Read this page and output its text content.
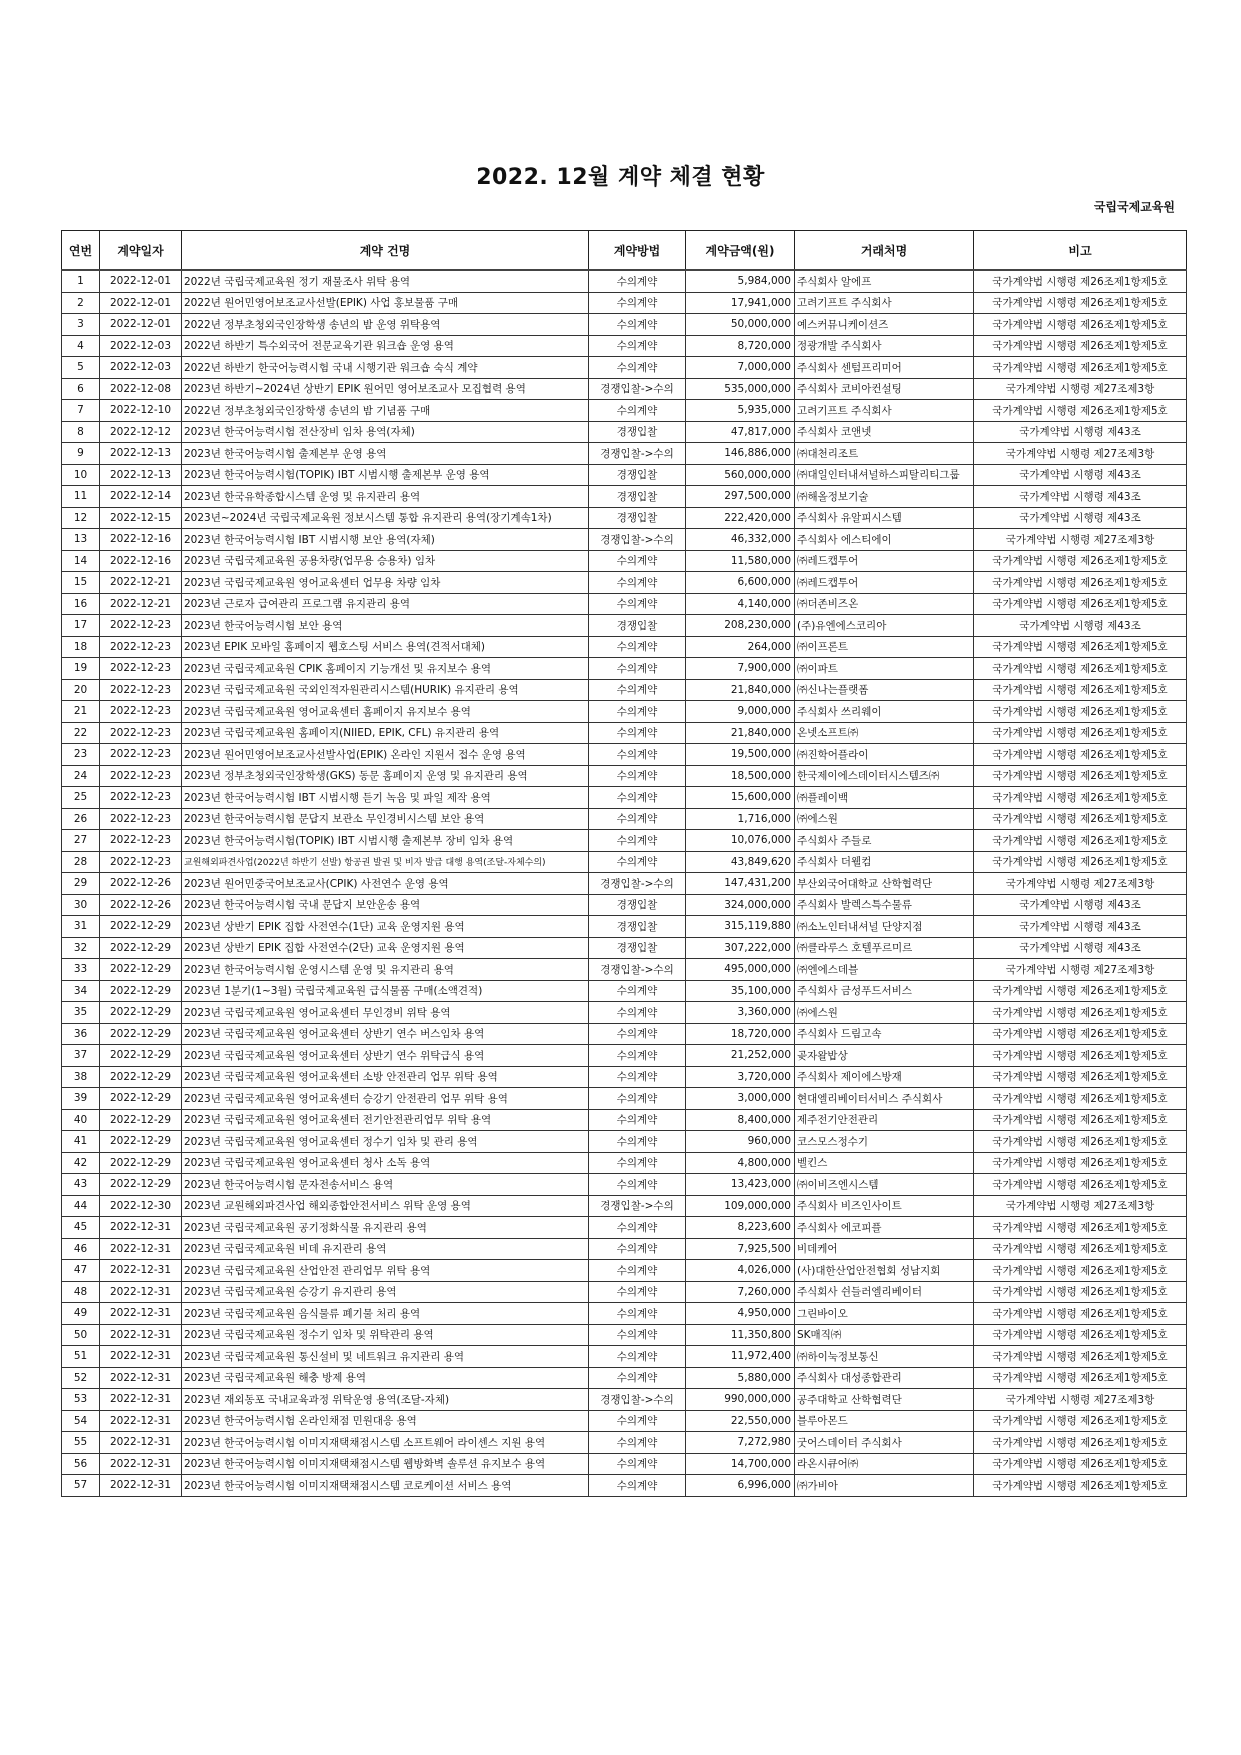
2022. 12월 계약 체결 현황
국립국제교육원
연번	계약일자	계약 건명	계약방법	계약금액(원)	거래처명	비고
1	2022-12-01	2022년 국립국제교육원 정기 재물조사 위탁 용역	수의계약	5,984,000	주식회사 알에프	국가계약법 시행령 제26조제1항제5호
2	2022-12-01	2022년 원어민영어보조교사선발(EPIK) 사업 홍보물품 구매	수의계약	17,941,000	고려기프트 주식회사	국가계약법 시행령 제26조제1항제5호
3	2022-12-01	2022년 정부초청외국인장학생 송년의 밤 운영 위탁용역	수의계약	50,000,000	예스커뮤니케이션즈	국가계약법 시행령 제26조제1항제5호
4	2022-12-03	2022년 하반기 특수외국어 전문교육기관 워크숍 운영 용역	수의계약	8,720,000	정광개발 주식회사	국가계약법 시행령 제26조제1항제5호
5	2022-12-03	2022년 하반기 한국어능력시험 국내 시행기관 워크숍 숙식 계약	수의계약	7,000,000	주식회사 센텀프리미어	국가계약법 시행령 제26조제1항제5호
6	2022-12-08	2023년 하반기~2024년 상반기 EPIK 원어민 영어보조교사 모집협력 용역	경쟁입찰->수의	535,000,000	주식회사 코비아컨설팅	국가계약법 시행령 제27조제3항
7	2022-12-10	2022년 정부초청외국인장학생 송년의 밤 기념품 구매	수의계약	5,935,000	고려기프트 주식회사	국가계약법 시행령 제26조제1항제5호
8	2022-12-12	2023년 한국어능력시험 전산장비 임차 용역(자체)	경쟁입찰	47,817,000	주식회사 코앤넷	국가계약법 시행령 제43조
9	2022-12-13	2023년 한국어능력시험 출제본부 운영 용역	경쟁입찰->수의	146,886,000	㈜대천리조트	국가계약법 시행령 제27조제3항
10	2022-12-13	2023년 한국어능력시험(TOPIK) IBT 시범시행 출제본부 운영 용역	경쟁입찰	560,000,000	㈜대일인터내셔널하스피탈리티그룹	국가계약법 시행령 제43조
11	2022-12-14	2023년 한국유학종합시스템 운영 및 유지관리 용역	경쟁입찰	297,500,000	㈜해올정보기술	국가계약법 시행령 제43조
12	2022-12-15	2023년~2024년 국립국제교육원 정보시스템 통합 유지관리 용역(장기계속1차)	경쟁입찰	222,420,000	주식회사 유알피시스템	국가계약법 시행령 제43조
13	2022-12-16	2023년 한국어능력시험 IBT 시범시행 보안 용역(자체)	경쟁입찰->수의	46,332,000	주식회사 에스티에이	국가계약법 시행령 제27조제3항
14	2022-12-16	2023년 국립국제교육원 공용차량(업무용 승용차) 임차	수의계약	11,580,000	㈜레드캡투어	국가계약법 시행령 제26조제1항제5호
15	2022-12-21	2023년 국립국제교육원 영어교육센터 업무용 차량 임차	수의계약	6,600,000	㈜레드캡투어	국가계약법 시행령 제26조제1항제5호
16	2022-12-21	2023년 근로자 급여관리 프로그램 유지관리 용역	수의계약	4,140,000	㈜더존비즈온	국가계약법 시행령 제26조제1항제5호
17	2022-12-23	2023년 한국어능력시험 보안 용역	경쟁입찰	208,230,000	(주)유엔에스코리아	국가계약법 시행령 제43조
18	2022-12-23	2023년 EPIK 모바일 홈페이지 웹호스팅 서비스 용역(견적서대체)	수의계약	264,000	㈜이프론트	국가계약법 시행령 제26조제1항제5호
19	2022-12-23	2023년 국립국제교육원 CPIK 홈페이지 기능개선 및 유지보수 용역	수의계약	7,900,000	㈜이파트	국가계약법 시행령 제26조제1항제5호
20	2022-12-23	2023년 국립국제교육원 국외인적자원관리시스템(HURIK) 유지관리 용역	수의계약	21,840,000	㈜신나는플랫폼	국가계약법 시행령 제26조제1항제5호
21	2022-12-23	2023년 국립국제교육원 영어교육센터 홈페이지 유지보수 용역	수의계약	9,000,000	주식회사 쓰리웨이	국가계약법 시행령 제26조제1항제5호
22	2022-12-23	2023년 국립국제교육원 홈페이지(NIIED, EPIK, CFL) 유지관리 용역	수의계약	21,840,000	온넷소프트㈜	국가계약법 시행령 제26조제1항제5호
23	2022-12-23	2023년 원어민영어보조교사선발사업(EPIK) 온라인 지원서 접수 운영 용역	수의계약	19,500,000	㈜진학어플라이	국가계약법 시행령 제26조제1항제5호
24	2022-12-23	2023년 정부초청외국인장학생(GKS) 동문 홈페이지 운영 및 유지관리 용역	수의계약	18,500,000	한국제이에스데이터시스템즈㈜	국가계약법 시행령 제26조제1항제5호
25	2022-12-23	2023년 한국어능력시험 IBT 시범시행 듣기 녹음 및 파일 제작 용역	수의계약	15,600,000	㈜플레이백	국가계약법 시행령 제26조제1항제5호
26	2022-12-23	2023년 한국어능력시험 문답지 보관소 무인경비시스템 보안 용역	수의계약	1,716,000	㈜에스원	국가계약법 시행령 제26조제1항제5호
27	2022-12-23	2023년 한국어능력시험(TOPIK) IBT 시범시행 출제본부 장비 임차 용역	수의계약	10,076,000	주식회사 주들로	국가계약법 시행령 제26조제1항제5호
28	2022-12-23	교원해외파견사업(2022년 하반기 선발) 항공권 발권 및 비자 발급 대행 용역(조달-자체수의)	수의계약	43,849,620	주식회사 더웰컴	국가계약법 시행령 제26조제1항제5호
29	2022-12-26	2023년 원어민중국어보조교사(CPIK) 사전연수 운영 용역	경쟁입찰->수의	147,431,200	부산외국어대학교 산학협력단	국가계약법 시행령 제27조제3항
30	2022-12-26	2023년 한국어능력시험 국내 문답지 보안운송 용역	경쟁입찰	324,000,000	주식회사 발렉스특수물류	국가계약법 시행령 제43조
31	2022-12-29	2023년 상반기 EPIK 집합 사전연수(1단) 교육 운영지원 용역	경쟁입찰	315,119,880	㈜소노인터내셔널 단양지점	국가계약법 시행령 제43조
32	2022-12-29	2023년 상반기 EPIK 집합 사전연수(2단) 교육 운영지원 용역	경쟁입찰	307,222,000	㈜클라루스 호텔푸르미르	국가계약법 시행령 제43조
33	2022-12-29	2023년 한국어능력시험 운영시스템 운영 및 유지관리 용역	경쟁입찰->수의	495,000,000	㈜엔에스데블	국가계약법 시행령 제27조제3항
34	2022-12-29	2023년 1분기(1~3월) 국립국제교육원 급식물품 구매(소액견적)	수의계약	35,100,000	주식회사 금성푸드서비스	국가계약법 시행령 제26조제1항제5호
35	2022-12-29	2023년 국립국제교육원 영어교육센터 무인경비 위탁 용역	수의계약	3,360,000	㈜에스원	국가계약법 시행령 제26조제1항제5호
36	2022-12-29	2023년 국립국제교육원 영어교육센터 상반기 연수 버스임차 용역	수의계약	18,720,000	주식회사 드림고속	국가계약법 시행령 제26조제1항제5호
37	2022-12-29	2023년 국립국제교육원 영어교육센터 상반기 연수 위탁급식 용역	수의계약	21,252,000	곶자왈밥상	국가계약법 시행령 제26조제1항제5호
38	2022-12-29	2023년 국립국제교육원 영어교육센터 소방 안전관리 업무 위탁 용역	수의계약	3,720,000	주식회사 제이에스방재	국가계약법 시행령 제26조제1항제5호
39	2022-12-29	2023년 국립국제교육원 영어교육센터 승강기 안전관리 업무 위탁 용역	수의계약	3,000,000	현대엘리베이터서비스 주식회사	국가계약법 시행령 제26조제1항제5호
40	2022-12-29	2023년 국립국제교육원 영어교육센터 전기안전관리업무 위탁 용역	수의계약	8,400,000	제주전기안전관리	국가계약법 시행령 제26조제1항제5호
41	2022-12-29	2023년 국립국제교육원 영어교육센터 정수기 임차 및 관리 용역	수의계약	960,000	코스모스정수기	국가계약법 시행령 제26조제1항제5호
42	2022-12-29	2023년 국립국제교육원 영어교육센터 청사 소독 용역	수의계약	4,800,000	벨킨스	국가계약법 시행령 제26조제1항제5호
43	2022-12-29	2023년 한국어능력시험 문자전송서비스 용역	수의계약	13,423,000	㈜이비즈엔시스템	국가계약법 시행령 제26조제1항제5호
44	2022-12-30	2023년 교원해외파견사업 해외종합안전서비스 위탁 운영 용역	경쟁입찰->수의	109,000,000	주식회사 비즈인사이트	국가계약법 시행령 제27조제3항
45	2022-12-31	2023년 국립국제교육원 공기정화식물 유지관리 용역	수의계약	8,223,600	주식회사 에코피플	국가계약법 시행령 제26조제1항제5호
46	2022-12-31	2023년 국립국제교육원 비데 유지관리 용역	수의계약	7,925,500	비데케어	국가계약법 시행령 제26조제1항제5호
47	2022-12-31	2023년 국립국제교육원 산업안전 관리업무 위탁 용역	수의계약	4,026,000	(사)대한산업안전협회 성남지회	국가계약법 시행령 제26조제1항제5호
48	2022-12-31	2023년 국립국제교육원 승강기 유지관리 용역	수의계약	7,260,000	주식회사 쉰들러엘리베이터	국가계약법 시행령 제26조제1항제5호
49	2022-12-31	2023년 국립국제교육원 음식물류 폐기물 처리 용역	수의계약	4,950,000	그린바이오	국가계약법 시행령 제26조제1항제5호
50	2022-12-31	2023년 국립국제교육원 정수기 임차 및 위탁관리 용역	수의계약	11,350,800	SK매직㈜	국가계약법 시행령 제26조제1항제5호
51	2022-12-31	2023년 국립국제교육원 통신설비 및 네트워크 유지관리 용역	수의계약	11,972,400	㈜하이눅정보통신	국가계약법 시행령 제26조제1항제5호
52	2022-12-31	2023년 국립국제교육원 해충 방제 용역	수의계약	5,880,000	주식회사 대성종합관리	국가계약법 시행령 제26조제1항제5호
53	2022-12-31	2023년 재외동포 국내교육과정 위탁운영 용역(조달-자체)	경쟁입찰->수의	990,000,000	공주대학교 산학협력단	국가계약법 시행령 제27조제3항
54	2022-12-31	2023년 한국어능력시험 온라인채점 민원대응 용역	수의계약	22,550,000	블루아몬드	국가계약법 시행령 제26조제1항제5호
55	2022-12-31	2023년 한국어능력시험 이미지재택채점시스템 소프트웨어 라이센스 지원 용역	수의계약	7,272,980	굿어스데이터 주식회사	국가계약법 시행령 제26조제1항제5호
56	2022-12-31	2023년 한국어능력시험 이미지재택채점시스템 웹방화벽 솔루션 유지보수 용역	수의계약	14,700,000	라온시큐어㈜	국가계약법 시행령 제26조제1항제5호
57	2022-12-31	2023년 한국어능력시험 이미지재택채점시스템 코로케이션 서비스 용역	수의계약	6,996,000	㈜가비아	국가계약법 시행령 제26조제1항제5호
